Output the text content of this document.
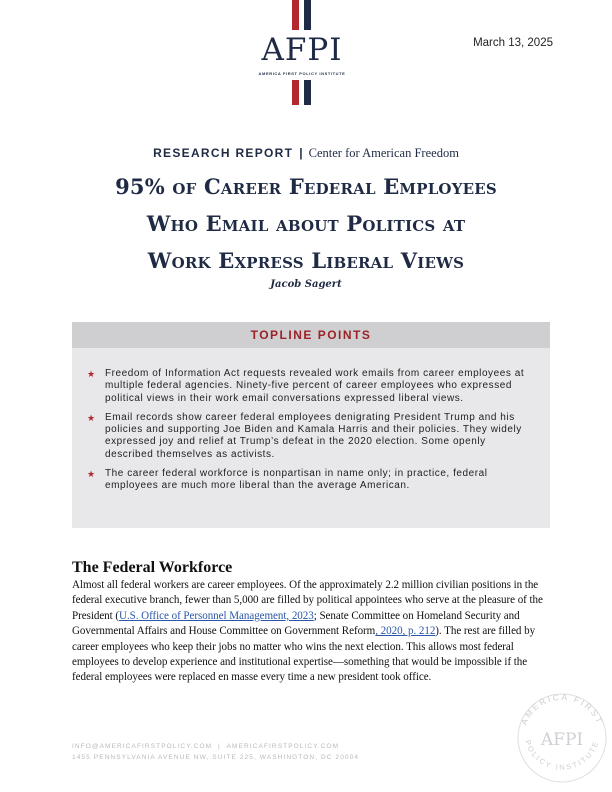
AFPI
AMERICA FIRST POLICY INSTITUTE
March 13, 2025
RESEARCH REPORT | Center for American Freedom
95% of Career Federal Employees
Who Email about Politics at
Work Express Liberal Views
Jacob Sagert
TOPLINE POINTS
★ Freedom of Information Act requests revealed work emails from career employees at multiple federal agencies. Ninety-five percent of career employees who expressed political views in their work email conversations expressed liberal views.
★ Email records show career federal employees denigrating President Trump and his policies and supporting Joe Biden and Kamala Harris and their policies. They widely expressed joy and relief at Trump’s defeat in the 2020 election. Some openly described themselves as activists.
★ The career federal workforce is nonpartisan in name only; in practice, federal employees are much more liberal than the average American.
The Federal Workforce
Almost all federal workers are career employees. Of the approximately 2.2 million civilian positions in the federal executive branch, fewer than 5,000 are filled by political appointees who serve at the pleasure of the President (U.S. Office of Personnel Management, 2023; Senate Committee on Homeland Security and Governmental Affairs and House Committee on Government Reform, 2020, p. 212). The rest are filled by career employees who keep their jobs no matter who wins the next election. This allows most federal employees to develop experience and institutional expertise—something that would be impossible if the federal employees were replaced en masse every time a new president took office.
INFO@AMERICAFIRSTPOLICY.COM | AMERICAFIRSTPOLICY.COM
1455 PENNSYLVANIA AVENUE NW, SUITE 225, WASHINGTON, DC 20004
AMERICA FIRST
POLICY INSTITUTE
AFPI
